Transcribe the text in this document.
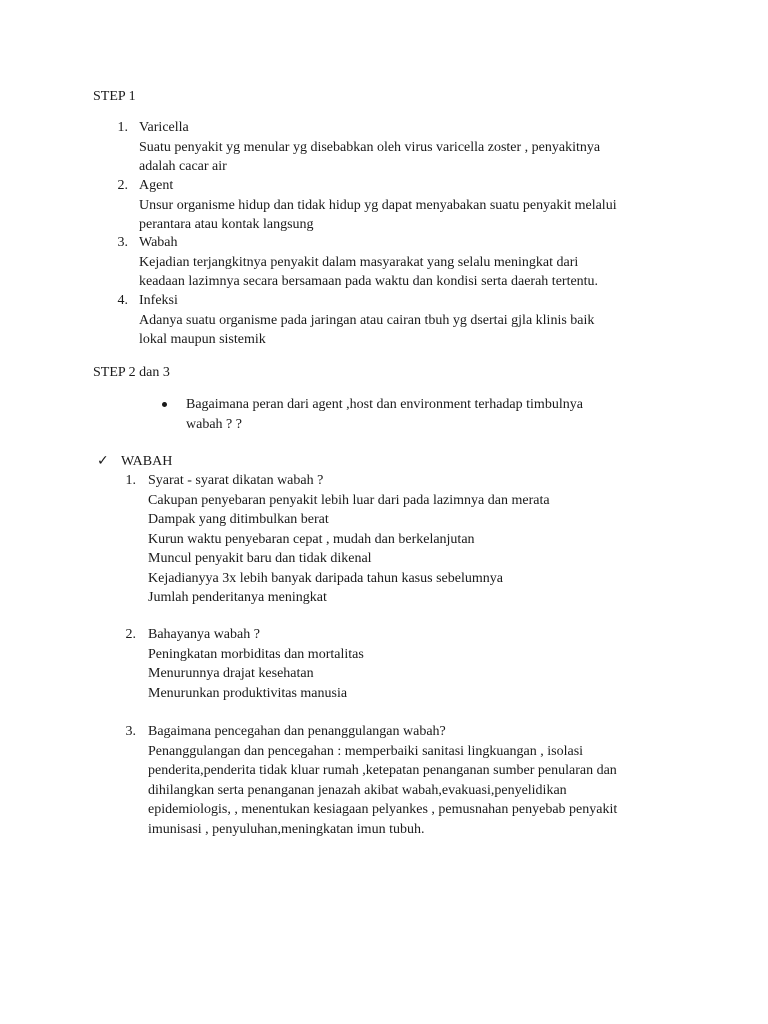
STEP 1
1. Varicella
Suatu penyakit yg menular yg disebabkan oleh virus varicella zoster , penyakitnya
adalah cacar air
2. Agent
Unsur organisme hidup dan tidak hidup yg dapat menyabakan suatu penyakit melalui
perantara atau kontak langsung
3. Wabah
Kejadian terjangkitnya penyakit dalam masyarakat yang selalu meningkat dari
keadaan lazimnya secara bersamaan pada waktu dan kondisi serta daerah tertentu.
4. Infeksi
Adanya suatu organisme pada jaringan atau cairan tbuh yg dsertai gjla klinis baik
lokal maupun sistemik
STEP 2 dan 3
Bagaimana peran dari agent ,host dan environment terhadap timbulnya
wabah ? ?
✓ WABAH
1. Syarat - syarat dikatan wabah ?
Cakupan penyebaran penyakit lebih luar dari pada lazimnya dan merata
Dampak yang ditimbulkan berat
Kurun waktu penyebaran cepat , mudah dan berkelanjutan
Muncul penyakit baru dan tidak dikenal
Kejadianyya 3x lebih banyak daripada tahun kasus sebelumnya
Jumlah penderitanya meningkat
2. Bahayanya wabah ?
Peningkatan morbiditas dan mortalitas
Menurunnya drajat kesehatan
Menurunkan produktivitas manusia
3. Bagaimana pencegahan dan penanggulangan wabah?
Penanggulangan dan pencegahan : memperbaiki sanitasi lingkuangan , isolasi
penderita,penderita tidak kluar rumah ,ketepatan penanganan sumber penularan dan
dihilangkan serta penanganan jenazah akibat wabah,evakuasi,penyelidikan
epidemiologis, , menentukan kesiagaan pelyankes , pemusnahan penyebab penyakit
imunisasi , penyuluhan,meningkatan imun tubuh.
